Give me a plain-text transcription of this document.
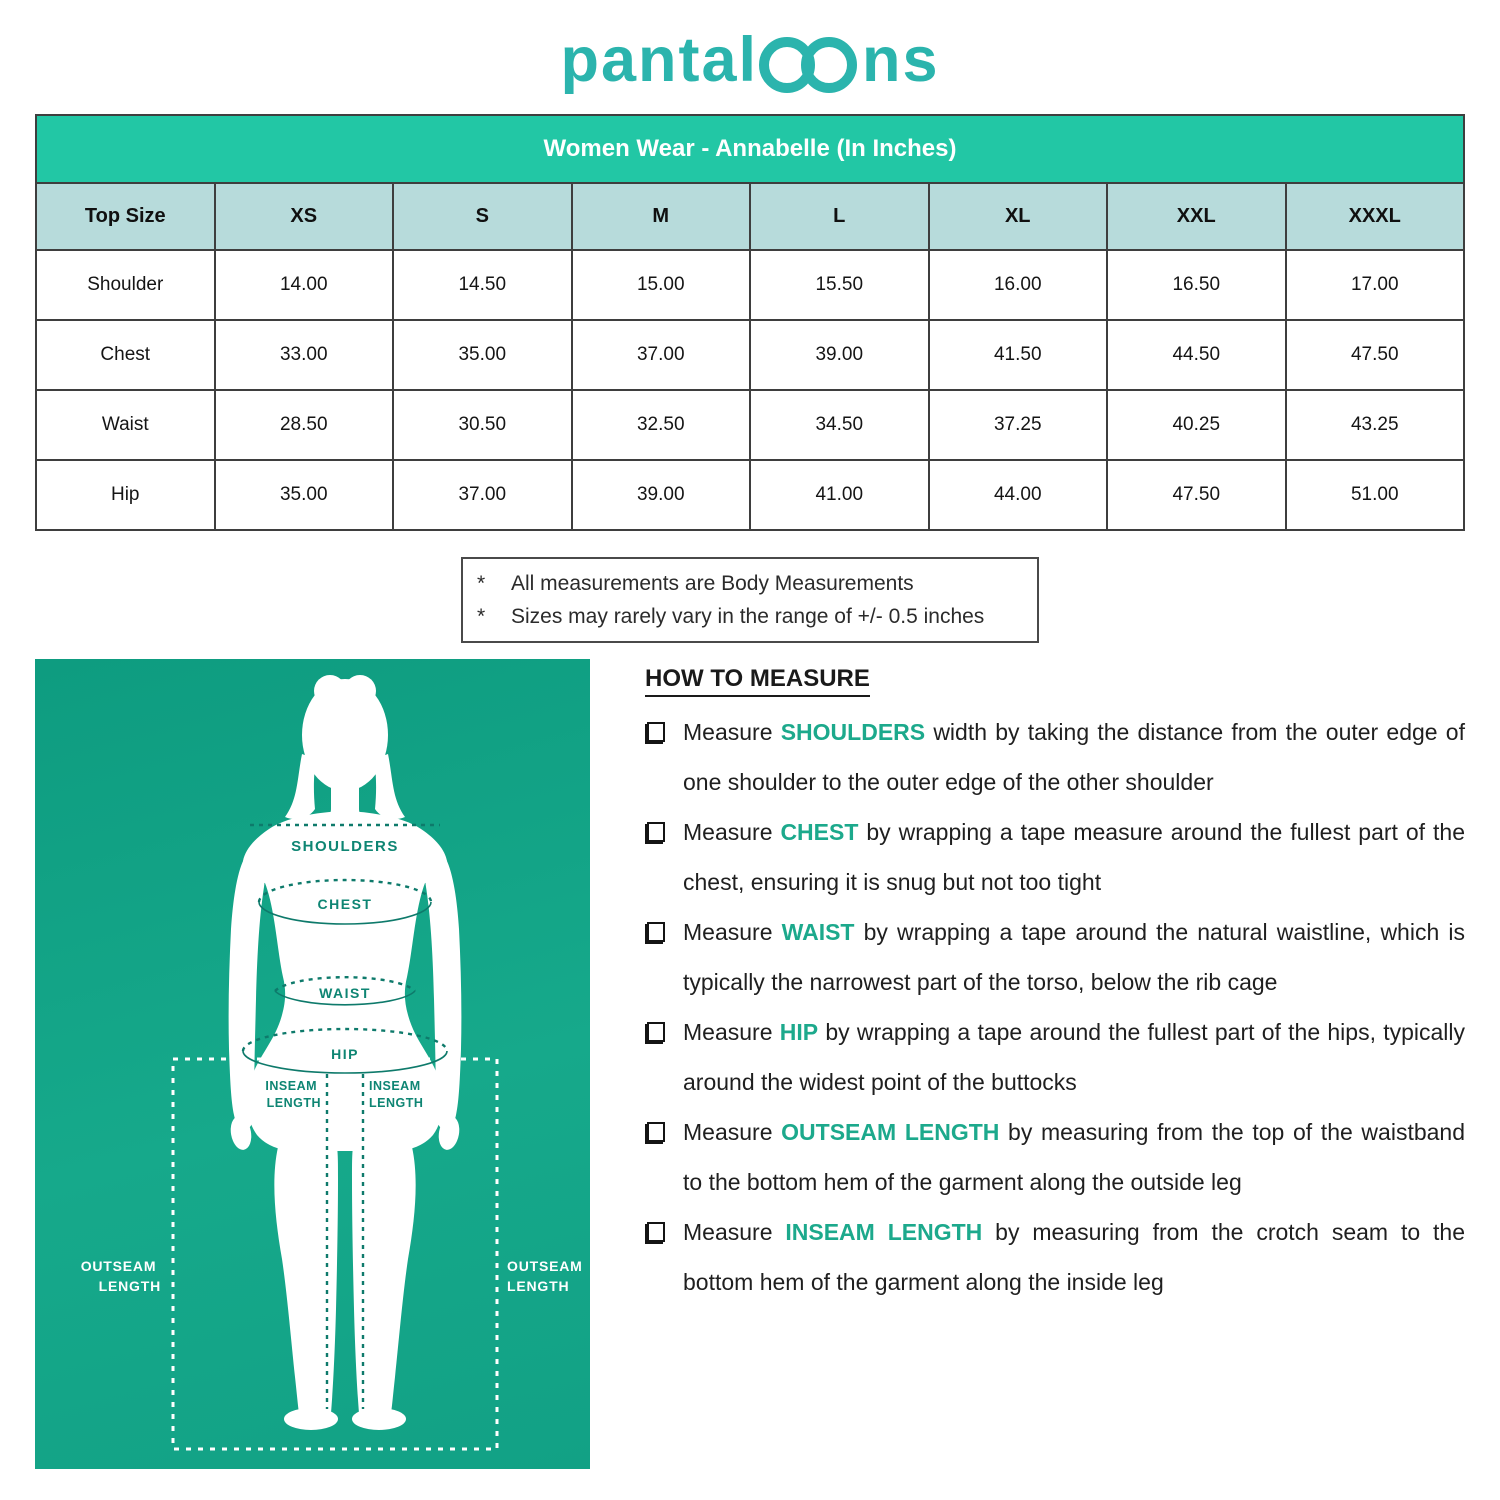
pantal ns
Women Wear - Annabelle (In Inches)							
Top Size	XS	S	M	L	XL	XXL	XXXL
Shoulder	14.00	14.50	15.00	15.50	16.00	16.50	17.00
Chest	33.00	35.00	37.00	39.00	41.50	44.50	47.50
Waist	28.50	30.50	32.50	34.50	37.25	40.25	43.25
Hip	35.00	37.00	39.00	41.00	44.00	47.50	51.00
*	All measurements are Body Measurements
*	Sizes may rarely vary in the range of +/- 0.5 inches
SHOULDERS
CHEST
WAIST
HIP
INSEAM LENGTH
INSEAM LENGTH
OUTSEAM LENGTH
OUTSEAM LENGTH
HOW TO MEASURE

Measure SHOULDERS width by taking the distance from the outer edge of one shoulder to the outer edge of the other shoulder

Measure CHEST by wrapping a tape measure around the fullest part of the chest, ensuring it is snug but not too tight

Measure WAIST by wrapping a tape around the natural waistline, which is typically the narrowest part of the torso, below the rib cage

Measure HIP by wrapping a tape around the fullest part of the hips, typically around the widest point of the buttocks

Measure OUTSEAM LENGTH by measuring from the top of the waistband to the bottom hem of the garment along the outside leg

Measure INSEAM LENGTH by measuring from the crotch seam to the bottom hem of the garment along the inside leg
